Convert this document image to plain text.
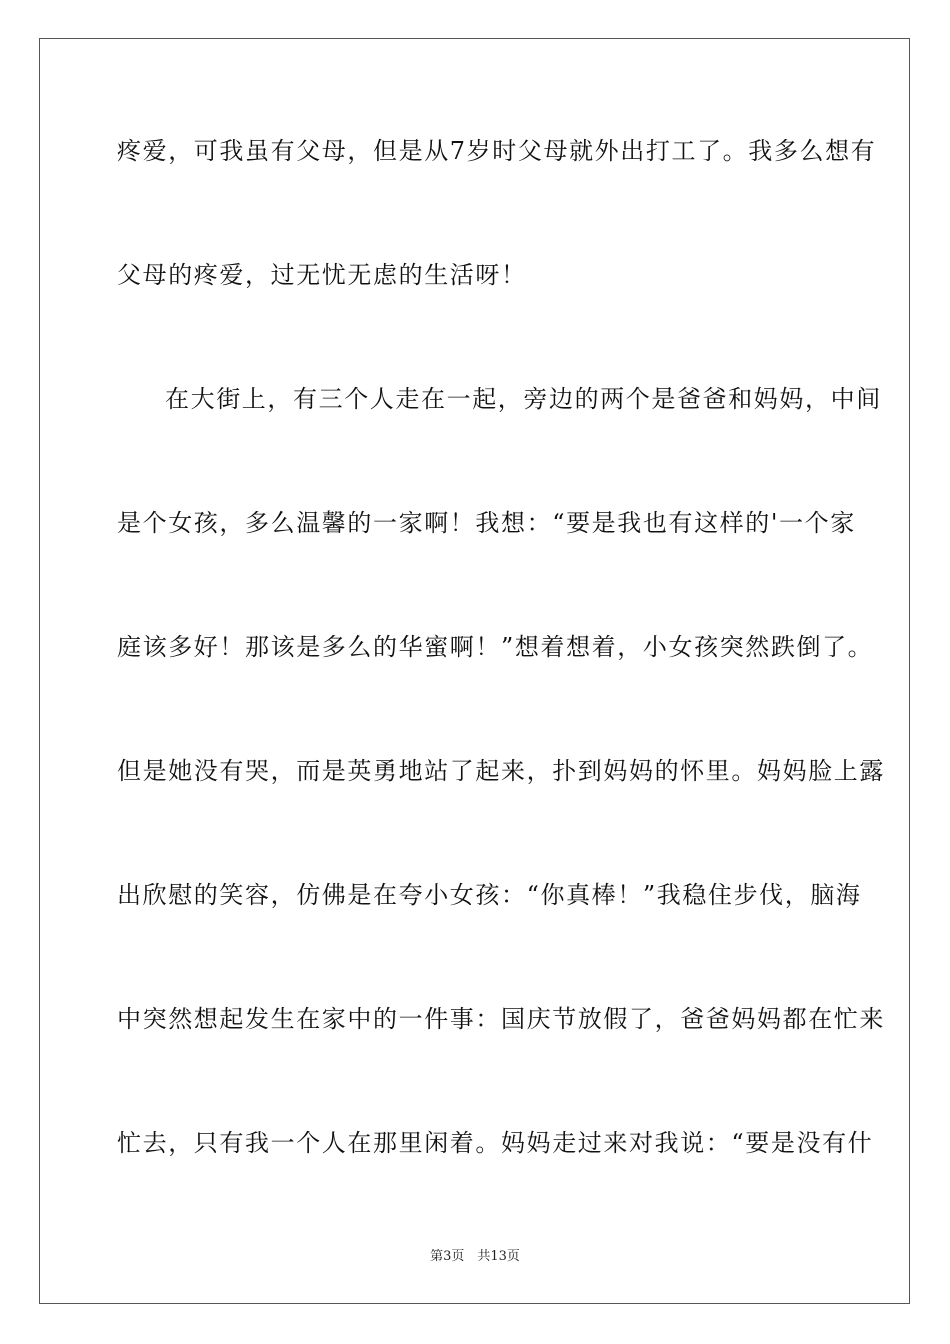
疼爱，可我虽有父母，但是从7岁时父母就外出打工了。我多么想有
父母的疼爱，过无忧无虑的生活呀！
在大街上，有三个人走在一起，旁边的两个是爸爸和妈妈，中间
是个女孩，多么温馨的一家啊！我想：“要是我也有这样的'一个家
庭该多好！那该是多么的华蜜啊！”想着想着，小女孩突然跌倒了。
但是她没有哭，而是英勇地站了起来，扑到妈妈的怀里。妈妈脸上露
出欣慰的笑容，仿佛是在夸小女孩：“你真棒！”我稳住步伐，脑海
中突然想起发生在家中的一件事：国庆节放假了，爸爸妈妈都在忙来
忙去，只有我一个人在那里闲着。妈妈走过来对我说：“要是没有什
第3页　共13页
